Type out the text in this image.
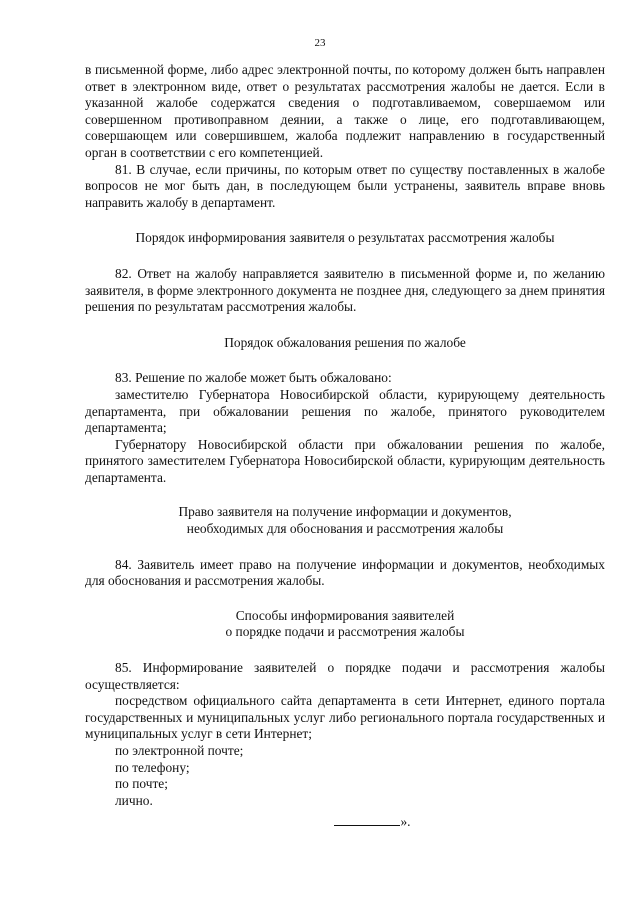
23

в письменной форме, либо адрес электронной почты, по которому должен быть направлен ответ в электронном виде, ответ о результатах рассмотрения жалобы не дается. Если в указанной жалобе содержатся сведения о подготавливаемом, совершаемом или совершенном противоправном деянии, а также о лице, его подготавливающем, совершающем или совершившем, жалоба подлежит направлению в государственный орган в соответствии с его компетенцией.

81. В случае, если причины, по которым ответ по существу поставленных в жалобе вопросов не мог быть дан, в последующем были устранены, заявитель вправе вновь направить жалобу в департамент.

Порядок информирования заявителя о результатах рассмотрения жалобы

82. Ответ на жалобу направляется заявителю в письменной форме и, по желанию заявителя, в форме электронного документа не позднее дня, следующего за днем принятия решения по результатам рассмотрения жалобы.

Порядок обжалования решения по жалобе

83. Решение по жалобе может быть обжаловано:

заместителю Губернатора Новосибирской области, курирующему деятельность департамента, при обжаловании решения по жалобе, принятого руководителем департамента;

Губернатору Новосибирской области при обжаловании решения по жалобе, принятого заместителем Губернатора Новосибирской области, курирующим деятельность департамента.

Право заявителя на получение информации и документов,
необходимых для обоснования и рассмотрения жалобы

84. Заявитель имеет право на получение информации и документов, необходимых для обоснования и рассмотрения жалобы.

Способы информирования заявителей
о порядке подачи и рассмотрения жалобы

85. Информирование заявителей о порядке подачи и рассмотрения жалобы осуществляется:

посредством официального сайта департамента в сети Интернет, единого портала государственных и муниципальных услуг либо регионального портала государственных и муниципальных услуг в сети Интернет;

по электронной почте;

по телефону;

по почте;

лично.

».
